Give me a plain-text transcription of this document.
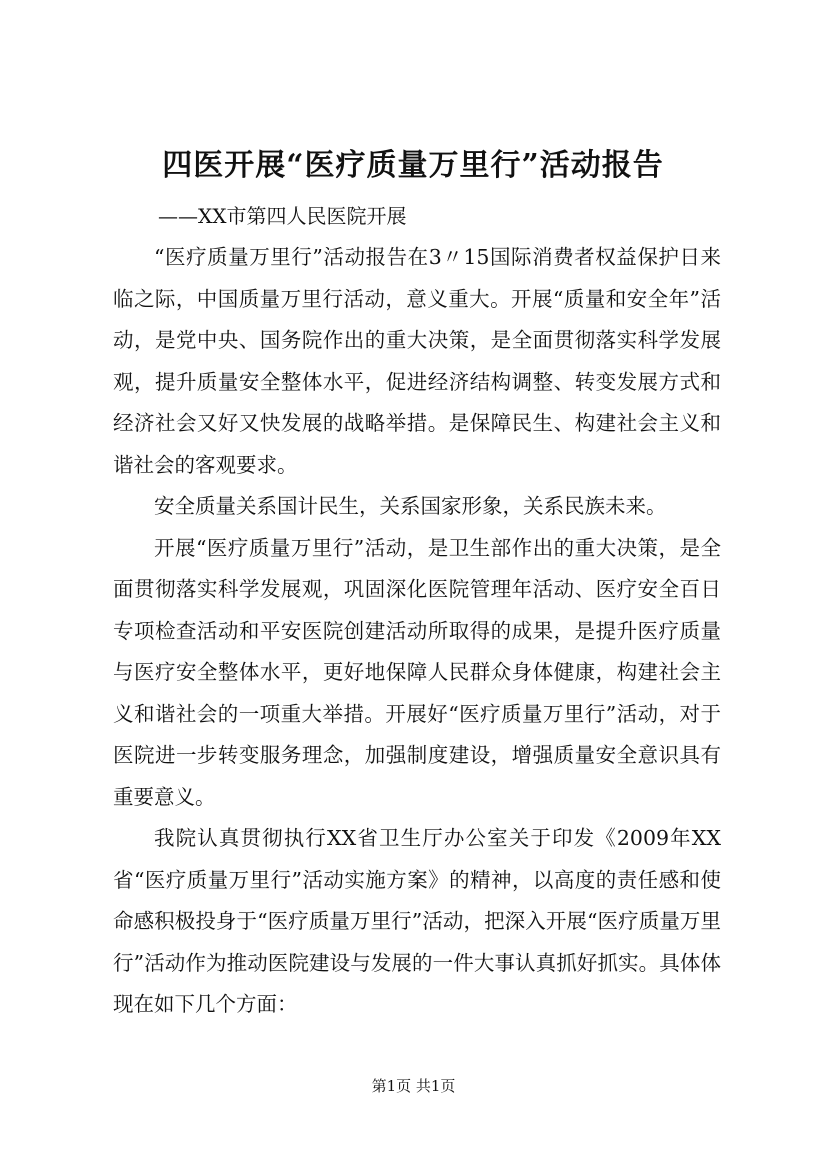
四医开展“医疗质量万里行”活动报告
——XX市第四人民医院开展

“医疗质量万里行”活动报告在3〃15国际消费者权益保护日来临之际，中国质量万里行活动，意义重大。开展“质量和安全年”活动，是党中央、国务院作出的重大决策，是全面贯彻落实科学发展观，提升质量安全整体水平，促进经济结构调整、转变发展方式和经济社会又好又快发展的战略举措。是保障民生、构建社会主义和谐社会的客观要求。

安全质量关系国计民生，关系国家形象，关系民族未来。

开展“医疗质量万里行”活动，是卫生部作出的重大决策，是全面贯彻落实科学发展观，巩固深化医院管理年活动、医疗安全百日专项检查活动和平安医院创建活动所取得的成果，是提升医疗质量与医疗安全整体水平，更好地保障人民群众身体健康，构建社会主义和谐社会的一项重大举措。开展好“医疗质量万里行”活动，对于医院进一步转变服务理念，加强制度建设，增强质量安全意识具有重要意义。

我院认真贯彻执行XX省卫生厅办公室关于印发《2009年XX省“医疗质量万里行”活动实施方案》的精神，以高度的责任感和使命感积极投身于“医疗质量万里行”活动，把深入开展“医疗质量万里行”活动作为推动医院建设与发展的一件大事认真抓好抓实。具体体现在如下几个方面：

第1页 共1页
